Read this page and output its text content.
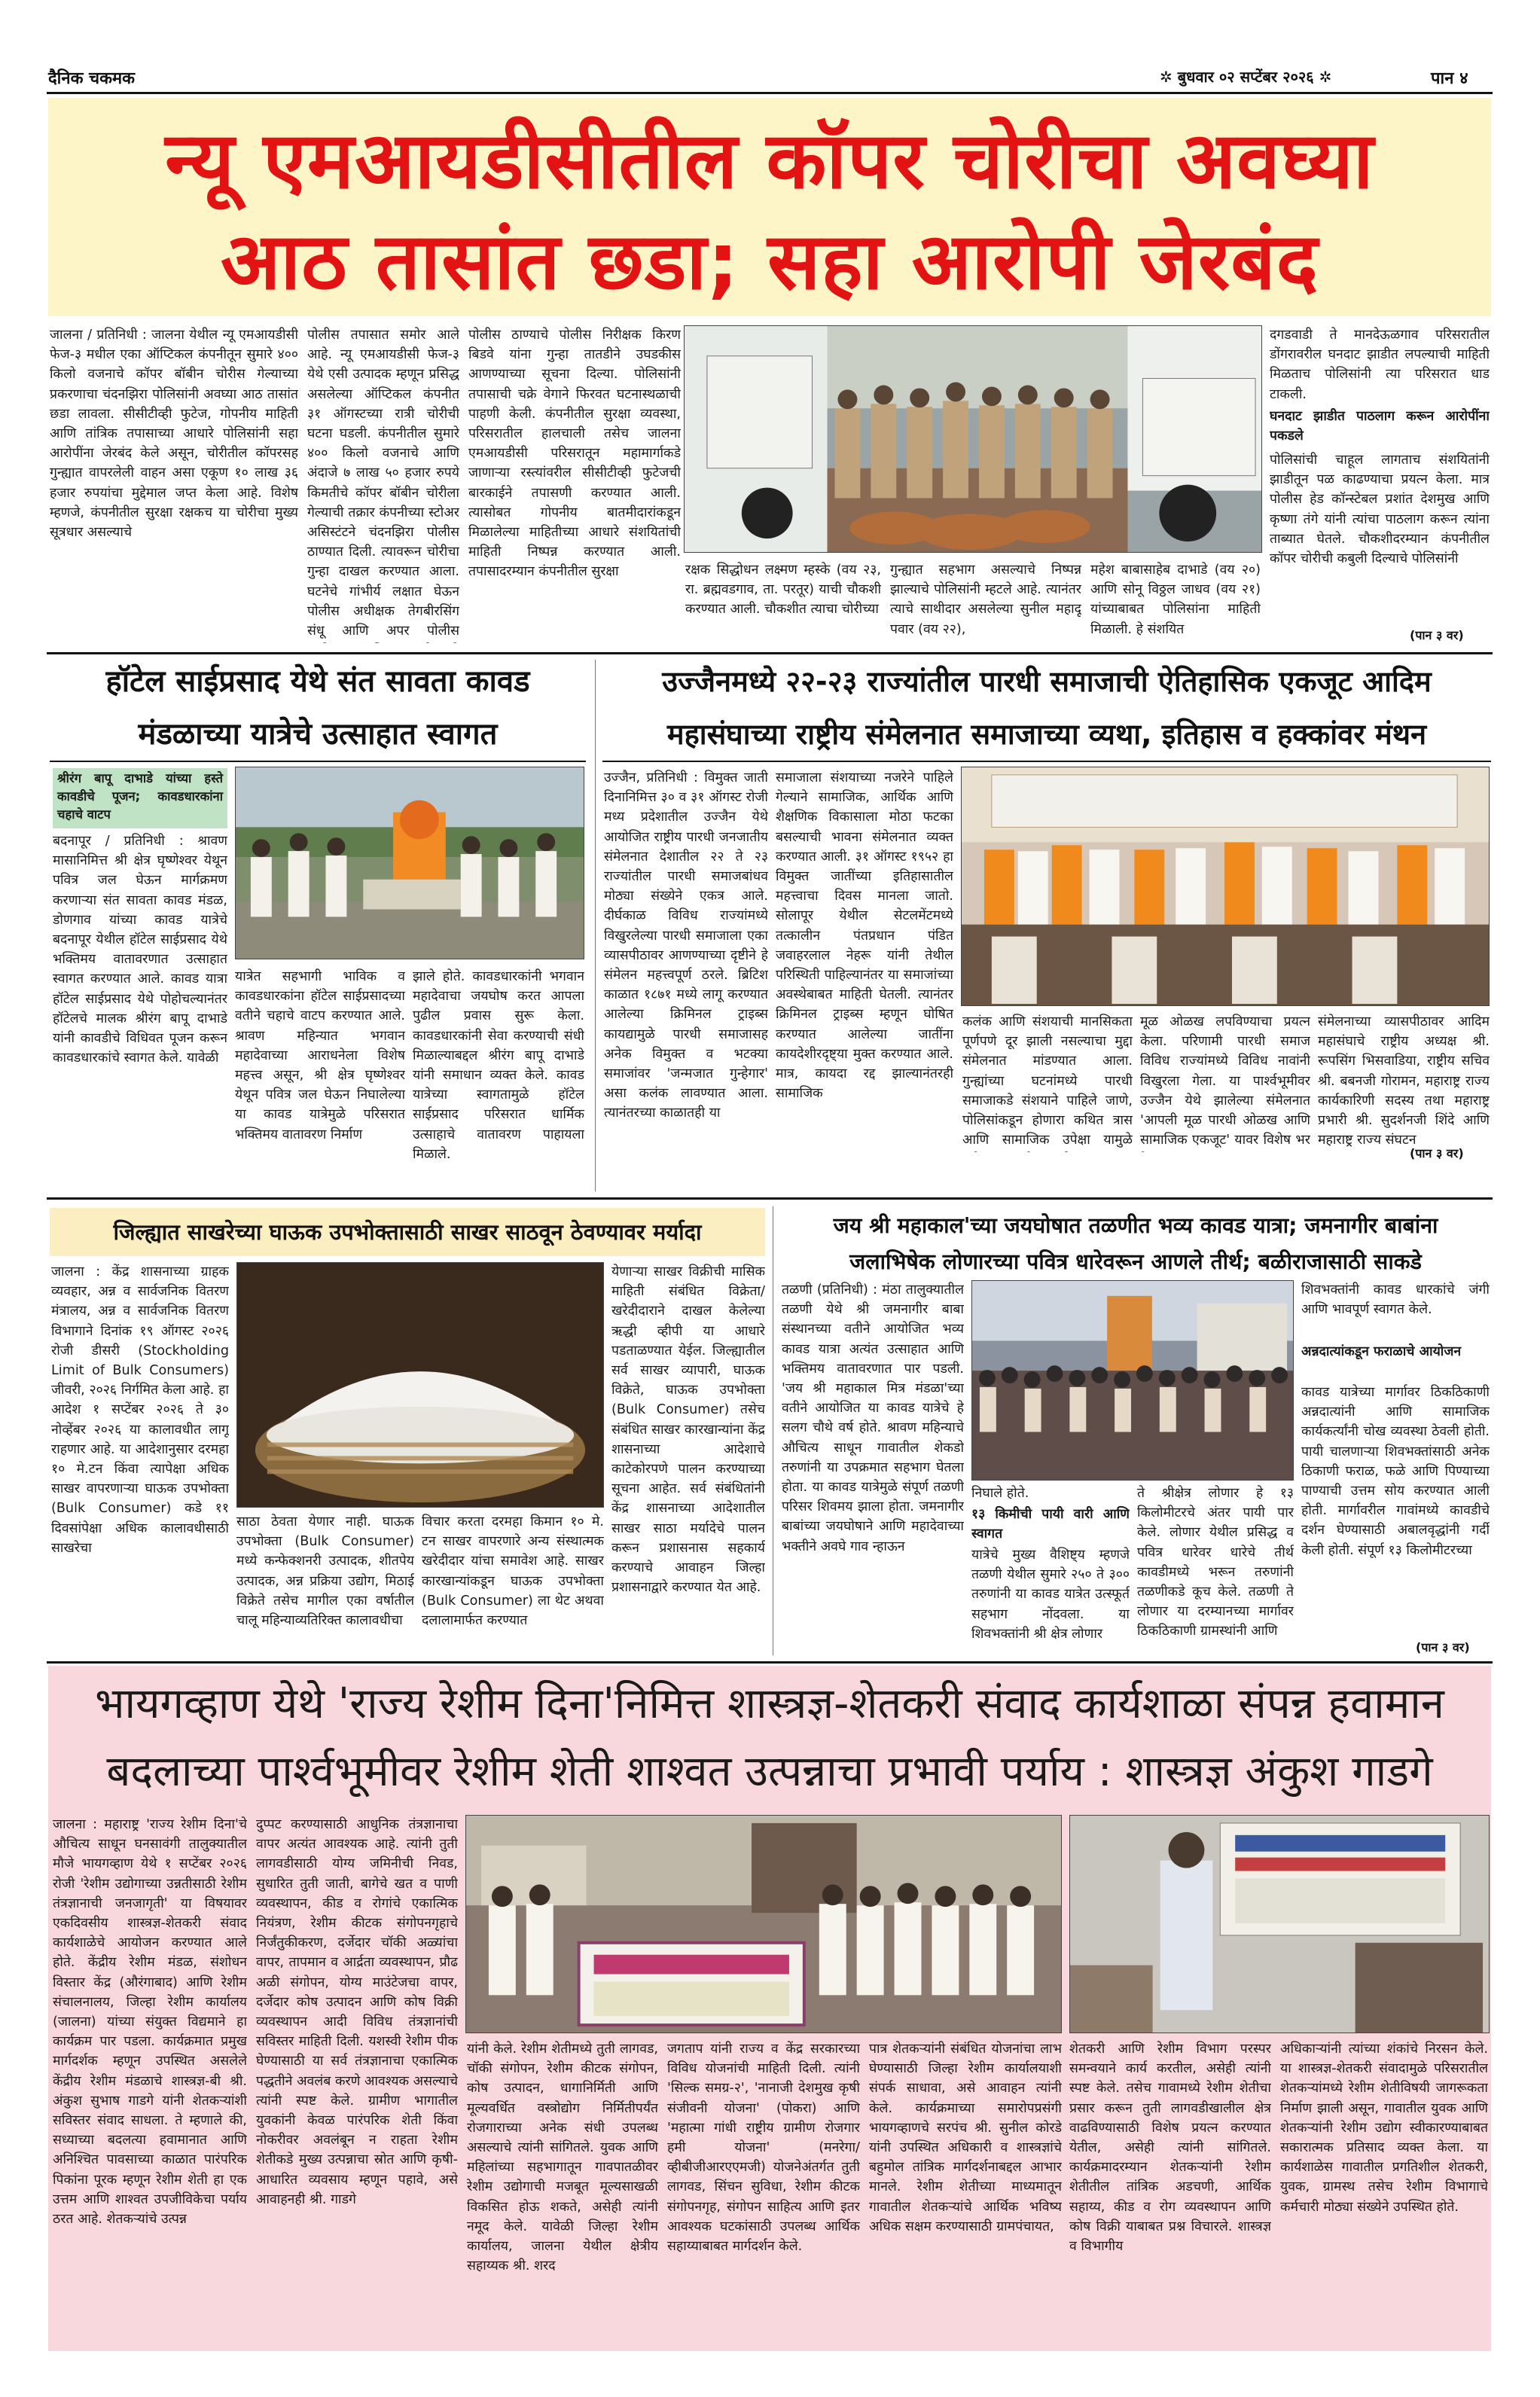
दैनिक चकमक	✲ बुधवार ०२ सप्टेंबर २०२६ ✲	पान ४
न्यू एमआयडीसीतील कॉपर चोरीचा अवघ्या
आठ तासांत छडा; सहा आरोपी जेरबंद
जालना / प्रतिनिधी : जालना येथील न्यू एमआयडीसी फेज-३ मधील एका ऑप्टिकल कंपनीतून सुमारे ४०० किलो वजनाचे कॉपर बॉबीन चोरीस गेल्याच्या प्रकरणाचा चंदनझिरा पोलिसांनी अवघ्या आठ तासांत छडा लावला. सीसीटीव्ही फुटेज, गोपनीय माहिती आणि तांत्रिक तपासाच्या आधारे पोलिसांनी सहा आरोपींना जेरबंद केले असून, चोरीतील कॉपरसह गुन्ह्यात वापरलेली वाहन असा एकूण १० लाख ३६ हजार रुपयांचा मुद्देमाल जप्त केला आहे. विशेष म्हणजे, कंपनीतील सुरक्षा रक्षकच या चोरीचा मुख्य सूत्रधार असल्याचे
पोलीस तपासात समोर आले आहे. न्यू एमआयडीसी फेज-३ येथे एसी उत्पादक म्हणून प्रसिद्ध असलेल्या ऑप्टिकल कंपनीत ३१ ऑगस्टच्या रात्री चोरीची घटना घडली. कंपनीतील सुमारे ४०० किलो वजनाचे आणि अंदाजे ७ लाख ५० हजार रुपये किमतीचे कॉपर बॉबीन चोरीला गेल्याची तक्रार कंपनीच्या स्टोअर असिस्टंटने चंदनझिरा पोलीस ठाण्यात दिली. त्यावरून चोरीचा गुन्हा दाखल करण्यात आला. घटनेचे गांभीर्य लक्षात घेऊन पोलीस अधीक्षक तेगबीरसिंग संधू आणि अपर पोलीस
पोलीस ठाण्याचे पोलीस निरीक्षक किरण बिडवे यांना गुन्हा तातडीने उघडकीस आणण्याच्या सूचना दिल्या. पोलिसांनी तपासाची चक्रे वेगाने फिरवत घटनास्थळाची पाहणी केली. कंपनीतील सुरक्षा व्यवस्था, परिसरातील हालचाली तसेच जालना एमआयडीसी परिसरातून महामार्गाकडे जाणाऱ्या रस्त्यांवरील सीसीटीव्ही फुटेजची बारकाईने तपासणी करण्यात आली. त्यासोबत गोपनीय बातमीदारांकडून मिळालेल्या माहितीच्या आधारे संशयितांची माहिती निष्पन्न करण्यात आली. तपासादरम्यान कंपनीतील सुरक्षा	रक्षक सिद्धोधन लक्ष्मण म्हस्के (वय २३, रा. ब्रह्मवडगाव, ता. परतूर) याची चौकशी करण्यात आली. चौकशीत त्याचा चोरीच्या
गुन्ह्यात सहभाग असल्याचे निष्पन्न झाल्याचे पोलिसांनी म्हटले आहे. त्यानंतर त्याचे साथीदार असलेल्या सुनील महादू पवार (वय २२),
महेश बाबासाहेब दाभाडे (वय २०) आणि सोनू विठ्ठल जाधव (वय २१) यांच्याबाबत पोलिसांना माहिती मिळाली. हे संशयित
दगडवाडी ते मानदेऊळगाव परिसरातील डोंगरावरील घनदाट झाडीत लपल्याची माहिती मिळताच पोलिसांनी त्या परिसरात धाड टाकली.
घनदाट झाडीत पाठलाग करून आरोपींना पकडले
पोलिसांची चाहूल लागताच संशयितांनी झाडीतून पळ काढण्याचा प्रयत्न केला. मात्र पोलीस हेड कॉन्स्टेबल प्रशांत देशमुख आणि कृष्णा तंगे यांनी त्यांचा पाठलाग करून त्यांना ताब्यात घेतले. चौकशीदरम्यान कंपनीतील कॉपर चोरीची कबुली दिल्याचे पोलिसांनी
(पान ३ वर)
हॉटेल साईप्रसाद येथे संत सावता कावड
मंडळाच्या यात्रेचे उत्साहात स्वागत
श्रीरंग बापू दाभाडे यांच्या हस्ते कावडीचे पूजन; कावडधारकांना चहाचे वाटप
बदनापूर / प्रतिनिधी : श्रावण मासानिमित्त श्री क्षेत्र घृष्णेश्वर येथून पवित्र जल घेऊन मार्गक्रमण करणाऱ्या संत सावता कावड मंडळ, डोणगाव यांच्या कावड यात्रेचे बदनापूर येथील हॉटेल साईप्रसाद येथे भक्तिमय वातावरणात उत्साहात स्वागत करण्यात आले. कावड यात्रा हॉटेल साईप्रसाद येथे पोहोचल्यानंतर हॉटेलचे मालक श्रीरंग बापू दाभाडे यांनी कावडीचे विधिवत पूजन करून कावडधारकांचे स्वागत केले. यावेळी
यात्रेत सहभागी भाविक व कावडधारकांना हॉटेल साईप्रसादच्या वतीने चहाचे वाटप करण्यात आले. श्रावण महिन्यात भगवान महादेवाच्या आराधनेला विशेष महत्त्व असून, श्री क्षेत्र घृष्णेश्वर येथून पवित्र जल घेऊन निघालेल्या या कावड यात्रेमुळे परिसरात भक्तिमय वातावरण निर्माण
झाले होते. कावडधारकांनी भगवान महादेवाचा जयघोष करत आपला पुढील प्रवास सुरू केला. कावडधारकांनी सेवा करण्याची संधी मिळाल्याबद्दल श्रीरंग बापू दाभाडे यांनी समाधान व्यक्त केले. कावड यात्रेच्या स्वागतामुळे हॉटेल साईप्रसाद परिसरात धार्मिक उत्साहाचे वातावरण पाहायला मिळाले.
उज्जैनमध्ये २२-२३ राज्यांतील पारधी समाजाची ऐतिहासिक एकजूट आदिम
महासंघाच्या राष्ट्रीय संमेलनात समाजाच्या व्यथा, इतिहास व हक्कांवर मंथन
उज्जैन, प्रतिनिधी : विमुक्त जाती दिनानिमित्त ३० व ३१ ऑगस्ट रोजी मध्य प्रदेशातील उज्जैन येथे आयोजित राष्ट्रीय पारधी जनजातीय संमेलनात देशातील २२ ते २३ राज्यांतील पारधी समाजबांधव मोठ्या संख्येने एकत्र आले. दीर्घकाळ विविध राज्यांमध्ये विखुरलेल्या पारधी समाजाला एका व्यासपीठावर आणण्याच्या दृष्टीने हे संमेलन महत्त्वपूर्ण ठरले. ब्रिटिश काळात १८७१ मध्ये लागू करण्यात आलेल्या क्रिमिनल ट्राइब्स कायद्यामुळे पारधी समाजासह अनेक विमुक्त व भटक्या समाजांवर 'जन्मजात गुन्हेगार' असा कलंक लावण्यात आला. त्यानंतरच्या काळातही या
समाजाला संशयाच्या नजरेने पाहिले गेल्याने सामाजिक, आर्थिक आणि शैक्षणिक विकासाला मोठा फटका बसल्याची भावना संमेलनात व्यक्त करण्यात आली. ३१ ऑगस्ट १९५२ हा विमुक्त जातींच्या इतिहासातील महत्त्वाचा दिवस मानला जातो. सोलापूर येथील सेटलमेंटमध्ये तत्कालीन पंतप्रधान पंडित जवाहरलाल नेहरू यांनी तेथील परिस्थिती पाहिल्यानंतर या समाजांच्या अवस्थेबाबत माहिती घेतली. त्यानंतर क्रिमिनल ट्राइब्स म्हणून घोषित करण्यात आलेल्या जातींना कायदेशीरदृष्ट्या मुक्त करण्यात आले. मात्र, कायदा रद्द झाल्यानंतरही सामाजिक
कलंक आणि संशयाची मानसिकता पूर्णपणे दूर झाली नसल्याचा मुद्दा संमेलनात मांडण्यात आला. गुन्ह्यांच्या घटनांमध्ये पारधी समाजाकडे संशयाने पाहिले जाणे, पोलिसांकडून होणारा कथित त्रास आणि सामाजिक उपेक्षा यामुळे
मूळ ओळख लपविण्याचा प्रयत्न केला. परिणामी पारधी समाज विविध राज्यांमध्ये विविध नावांनी विखुरला गेला. या पार्श्वभूमीवर उज्जैन येथे झालेल्या संमेलनात 'आपली मूळ पारधी ओळख आणि सामाजिक एकजूट' यावर विशेष भर
संमेलनाच्या व्यासपीठावर आदिम महासंघाचे राष्ट्रीय अध्यक्ष श्री. रूपसिंग भिसवाडिया, राष्ट्रीय सचिव श्री. बबनजी गोरामन, महाराष्ट्र राज्य कार्यकारिणी सदस्य तथा महाराष्ट्र प्रभारी श्री. सुदर्शनजी शिंदे आणि महाराष्ट्र राज्य संघटन
(पान ३ वर)
जिल्ह्यात साखरेच्या घाऊक उपभोक्तासाठी साखर साठवून ठेवण्यावर मर्यादा
जालना : केंद्र शासनाच्या ग्राहक व्यवहार, अन्न व सार्वजनिक वितरण मंत्रालय, अन्न व सार्वजनिक वितरण विभागाने दिनांक १९ ऑगस्ट २०२६ रोजी डीसरी (Stockholding Limit of Bulk Consumers) जीवरी, २०२६ निर्गमित केला आहे. हा आदेश १ सप्टेंबर २०२६ ते ३० नोव्हेंबर २०२६ या कालावधीत लागू राहणार आहे. या आदेशानुसार दरमहा १० मे.टन किंवा त्यापेक्षा अधिक साखर वापरणाऱ्या घाऊक उपभोक्ता (Bulk Consumer) कडे ११ दिवसांपेक्षा अधिक कालावधीसाठी साखरेचा
साठा ठेवता येणार नाही. घाऊक उपभोक्ता (Bulk Consumer) मध्ये कन्फेक्शनरी उत्पादक, शीतपेय उत्पादक, अन्न प्रक्रिया उद्योग, मिठाई विक्रेते तसेच मागील एका वर्षातील चालू महिन्याव्यतिरिक्त कालावधीचा
विचार करता दरमहा किमान १० मे. टन साखर वापरणारे अन्य संस्थात्मक खरेदीदार यांचा समावेश आहे. साखर कारखान्यांकडून घाऊक उपभोक्ता (Bulk Consumer) ला थेट अथवा दलालामार्फत करण्यात
येणाऱ्या साखर विक्रीची मासिक माहिती संबंधित विक्रेता/खरेदीदाराने दाखल केलेल्या ऋद्धी व्हीपी या आधारे पडताळण्यात येईल. जिल्ह्यातील सर्व साखर व्यापारी, घाऊक विक्रेते, घाऊक उपभोक्ता (Bulk Consumer) तसेच संबंधित साखर कारखान्यांना केंद्र शासनाच्या आदेशाचे काटेकोरपणे पालन करण्याच्या सूचना आहेत. सर्व संबंधितांनी केंद्र शासनाच्या आदेशातील साखर साठा मर्यादेचे पालन करून प्रशासनास सहकार्य करण्याचे आवाहन जिल्हा प्रशासनाद्वारे करण्यात येत आहे.
जय श्री महाकाल'च्या जयघोषात तळणीत भव्य कावड यात्रा; जमनागीर बाबांना
जलाभिषेक लोणारच्या पवित्र धारेवरून आणले तीर्थ; बळीराजासाठी साकडे
तळणी (प्रतिनिधी) : मंठा तालुक्यातील तळणी येथे श्री जमनागीर बाबा संस्थानच्या वतीने आयोजित भव्य कावड यात्रा अत्यंत उत्साहात आणि भक्तिमय वातावरणात पार पडली. 'जय श्री महाकाल मित्र मंडळा'च्या वतीने आयोजित या कावड यात्रेचे हे सलग चौथे वर्ष होते. श्रावण महिन्याचे औचित्य साधून गावातील शेकडो तरुणांनी या उपक्रमात सहभाग घेतला होता. या कावड यात्रेमुळे संपूर्ण तळणी परिसर शिवमय झाला होता. जमनागीर बाबांच्या जयघोषाने आणि महादेवाच्या भक्तीने अवघे गाव न्हाऊन
निघाले होते.
१३ किमीची पायी वारी आणि स्वागत
यात्रेचे मुख्य वैशिष्ट्य म्हणजे तळणी येथील सुमारे २५० ते ३०० तरुणांनी या कावड यात्रेत उत्स्फूर्त सहभाग नोंदवला. या शिवभक्तांनी श्री क्षेत्र लोणार
ते श्रीक्षेत्र लोणार हे १३ किलोमीटरचे अंतर पायी पार केले. लोणार येथील प्रसिद्ध व पवित्र धारेवर धारेचे तीर्थ कावडीमध्ये भरून तरुणांनी तळणीकडे कूच केले. तळणी ते लोणार या दरम्यानच्या मार्गावर ठिकठिकाणी ग्रामस्थांनी आणि
शिवभक्तांनी कावड धारकांचे जंगी आणि भावपूर्ण स्वागत केले.
अन्नदात्यांकडून फराळाचे आयोजन
कावड यात्रेच्या मार्गावर ठिकठिकाणी अन्नदात्यांनी आणि सामाजिक कार्यकर्त्यांनी चोख व्यवस्था ठेवली होती. पायी चालणाऱ्या शिवभक्तांसाठी अनेक ठिकाणी फराळ, फळे आणि पिण्याच्या पाण्याची उत्तम सोय करण्यात आली होती. मार्गावरील गावांमध्ये कावडीचे दर्शन घेण्यासाठी अबालवृद्धांनी गर्दी केली होती. संपूर्ण १३ किलोमीटरच्या
(पान ३ वर)
भायगव्हाण येथे 'राज्य रेशीम दिना'निमित्त शास्त्रज्ञ-शेतकरी संवाद कार्यशाळा संपन्न हवामान
बदलाच्या पार्श्वभूमीवर रेशीम शेती शाश्वत उत्पन्नाचा प्रभावी पर्याय : शास्त्रज्ञ अंकुश गाडगे
जालना : महाराष्ट्र 'राज्य रेशीम दिना'चे औचित्य साधून घनसावंगी तालुक्यातील मौजे भायगव्हाण येथे १ सप्टेंबर २०२६ रोजी 'रेशीम उद्योगाच्या उन्नतीसाठी रेशीम तंत्रज्ञानाची जनजागृती' या विषयावर एकदिवसीय शास्त्रज्ञ-शेतकरी संवाद कार्यशाळेचे आयोजन करण्यात आले होते. केंद्रीय रेशीम मंडळ, संशोधन विस्तार केंद्र (औरंगाबाद) आणि रेशीम संचालनालय, जिल्हा रेशीम कार्यालय (जालना) यांच्या संयुक्त विद्यमाने हा कार्यक्रम पार पडला. कार्यक्रमात प्रमुख मार्गदर्शक म्हणून उपस्थित असलेले केंद्रीय रेशीम मंडळाचे शास्त्रज्ञ-बी श्री. अंकुश सुभाष गाडगे यांनी शेतकऱ्यांशी सविस्तर संवाद साधला. ते म्हणाले की, सध्याच्या बदलत्या हवामानात आणि अनिश्चित पावसाच्या काळात पारंपरिक पिकांना पूरक म्हणून रेशीम शेती हा एक उत्तम आणि शाश्वत उपजीविकेचा पर्याय ठरत आहे. शेतकऱ्यांचे उत्पन्न
दुप्पट करण्यासाठी आधुनिक तंत्रज्ञानाचा वापर अत्यंत आवश्यक आहे. त्यांनी तुती लागवडीसाठी योग्य जमिनीची निवड, सुधारित तुती जाती, बागेचे खत व पाणी व्यवस्थापन, कीड व रोगांचे एकात्मिक नियंत्रण, रेशीम कीटक संगोपनगृहाचे निर्जंतुकीकरण, दर्जेदार चॉकी अळ्यांचा वापर, तापमान व आर्द्रता व्यवस्थापन, प्रौढ अळी संगोपन, योग्य माउंटेजचा वापर, दर्जेदार कोष उत्पादन आणि कोष विक्री व्यवस्थापन आदी विविध तंत्रज्ञानांची सविस्तर माहिती दिली. यशस्वी रेशीम पीक घेण्यासाठी या सर्व तंत्रज्ञानाचा एकात्मिक पद्धतीने अवलंब करणे आवश्यक असल्याचे त्यांनी स्पष्ट केले. ग्रामीण भागातील युवकांनी केवळ पारंपरिक शेती किंवा नोकरीवर अवलंबून न राहता रेशीम शेतीकडे मुख्य उत्पन्नाचा स्रोत आणि कृषी-आधारित व्यवसाय म्हणून पहावे, असे आवाहनही श्री. गाडगे
यांनी केले. रेशीम शेतीमध्ये तुती लागवड, चॉकी संगोपन, रेशीम कीटक संगोपन, कोष उत्पादन, धागानिर्मिती आणि मूल्यवर्धित वस्त्रोद्योग निर्मितीपर्यंत रोजगाराच्या अनेक संधी उपलब्ध असल्याचे त्यांनी सांगितले. युवक आणि महिलांच्या सहभागातून गावपातळीवर रेशीम उद्योगाची मजबूत मूल्यसाखळी विकसित होऊ शकते, असेही त्यांनी नमूद केले. यावेळी जिल्हा रेशीम कार्यालय, जालना येथील क्षेत्रीय सहाय्यक श्री. शरद
जगताप यांनी राज्य व केंद्र सरकारच्या विविध योजनांची माहिती दिली. त्यांनी 'सिल्क समग्र-२', 'नानाजी देशमुख कृषी संजीवनी योजना' (पोकरा) आणि 'महात्मा गांधी राष्ट्रीय ग्रामीण रोजगार हमी योजना' (मनरेगा/व्हीबीजीआरएएमजी) योजनेअंतर्गत तुती लागवड, सिंचन सुविधा, रेशीम कीटक संगोपनगृह, संगोपन साहित्य आणि इतर आवश्यक घटकांसाठी उपलब्ध आर्थिक सहाय्याबाबत मार्गदर्शन केले.
पात्र शेतकऱ्यांनी संबंधित योजनांचा लाभ घेण्यासाठी जिल्हा रेशीम कार्यालयाशी संपर्क साधावा, असे आवाहन त्यांनी केले. कार्यक्रमाच्या समारोपप्रसंगी भायगव्हाणचे सरपंच श्री. सुनील कोरडे यांनी उपस्थित अधिकारी व शास्त्रज्ञांचे बहुमोल तांत्रिक मार्गदर्शनाबद्दल आभार मानले. रेशीम शेतीच्या माध्यमातून गावातील शेतकऱ्यांचे आर्थिक भविष्य अधिक सक्षम करण्यासाठी ग्रामपंचायत,
शेतकरी आणि रेशीम विभाग परस्पर समन्वयाने कार्य करतील, असेही त्यांनी स्पष्ट केले. तसेच गावामध्ये रेशीम शेतीचा प्रसार करून तुती लागवडीखालील क्षेत्र वाढविण्यासाठी विशेष प्रयत्न करण्यात येतील, असेही त्यांनी सांगितले. कार्यक्रमादरम्यान शेतकऱ्यांनी रेशीम शेतीतील तांत्रिक अडचणी, आर्थिक सहाय्य, कीड व रोग व्यवस्थापन आणि कोष विक्री याबाबत प्रश्न विचारले. शास्त्रज्ञ व विभागीय
अधिकाऱ्यांनी त्यांच्या शंकांचे निरसन केले. या शास्त्रज्ञ-शेतकरी संवादामुळे परिसरातील शेतकऱ्यांमध्ये रेशीम शेतीविषयी जागरूकता निर्माण झाली असून, गावातील युवक आणि शेतकऱ्यांनी रेशीम उद्योग स्वीकारण्याबाबत सकारात्मक प्रतिसाद व्यक्त केला. या कार्यशाळेस गावातील प्रगतिशील शेतकरी, युवक, ग्रामस्थ तसेच रेशीम विभागाचे कर्मचारी मोठ्या संख्येने उपस्थित होते.
